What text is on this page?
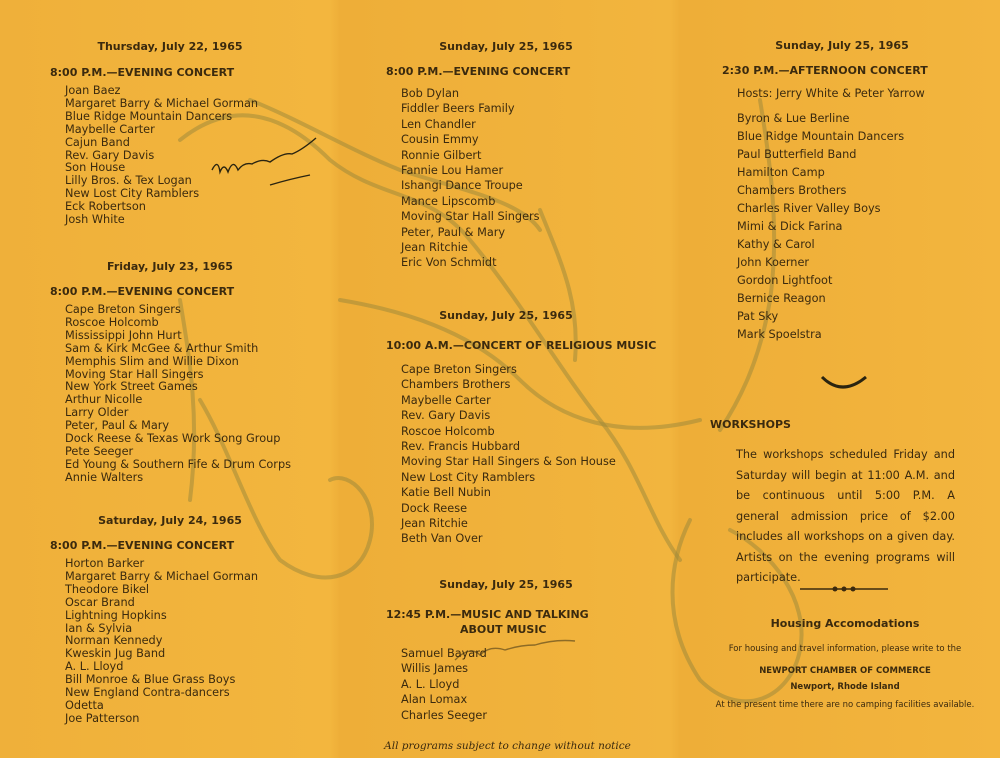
Thursday, July 22, 1965
8:00 P.M.—EVENING CONCERT
Joan Baez
Margaret Barry & Michael Gorman
Blue Ridge Mountain Dancers
Maybelle Carter
Cajun Band
Rev. Gary Davis
Son House
Lilly Bros. & Tex Logan
New Lost City Ramblers
Eck Robertson
Josh White
Friday, July 23, 1965
8:00 P.M.—EVENING CONCERT
Cape Breton Singers
Roscoe Holcomb
Mississippi John Hurt
Sam & Kirk McGee & Arthur Smith
Memphis Slim and Willie Dixon
Moving Star Hall Singers
New York Street Games
Arthur Nicolle
Larry Older
Peter, Paul & Mary
Dock Reese & Texas Work Song Group
Pete Seeger
Ed Young & Southern Fife & Drum Corps
Annie Walters
Saturday, July 24, 1965
8:00 P.M.—EVENING CONCERT
Horton Barker
Margaret Barry & Michael Gorman
Theodore Bikel
Oscar Brand
Lightning Hopkins
Ian & Sylvia
Norman Kennedy
Kweskin Jug Band
A. L. Lloyd
Bill Monroe & Blue Grass Boys
New England Contra-dancers
Odetta
Joe Patterson
Sunday, July 25, 1965
8:00 P.M.—EVENING CONCERT
Bob Dylan
Fiddler Beers Family
Len Chandler
Cousin Emmy
Ronnie Gilbert
Fannie Lou Hamer
Ishangi Dance Troupe
Mance Lipscomb
Moving Star Hall Singers
Peter, Paul & Mary
Jean Ritchie
Eric Von Schmidt
Sunday, July 25, 1965
10:00 A.M.—CONCERT OF RELIGIOUS MUSIC
Cape Breton Singers
Chambers Brothers
Maybelle Carter
Rev. Gary Davis
Roscoe Holcomb
Rev. Francis Hubbard
Moving Star Hall Singers & Son House
New Lost City Ramblers
Katie Bell Nubin
Dock Reese
Jean Ritchie
Beth Van Over
Sunday, July 25, 1965
12:45 P.M.—MUSIC AND TALKING
ABOUT MUSIC
Samuel Bayard
Willis James
A. L. Lloyd
Alan Lomax
Charles Seeger
Sunday, July 25, 1965
2:30 P.M.—AFTERNOON CONCERT
Hosts: Jerry White & Peter Yarrow
Byron & Lue Berline
Blue Ridge Mountain Dancers
Paul Butterfield Band
Hamilton Camp
Chambers Brothers
Charles River Valley Boys
Mimi & Dick Farina
Kathy & Carol
John Koerner
Gordon Lightfoot
Bernice Reagon
Pat Sky
Mark Spoelstra
WORKSHOPS
The workshops scheduled Friday and Saturday will begin at 11:00 A.M. and be continuous until 5:00 P.M. A general admission price of $2.00 includes all workshops on a given day. Artists on the evening programs will participate.
Housing Accomodations
For housing and travel information, please write to the
NEWPORT CHAMBER OF COMMERCE
Newport, Rhode Island
At the present time there are no camping facilities available.
All programs subject to change without notice
